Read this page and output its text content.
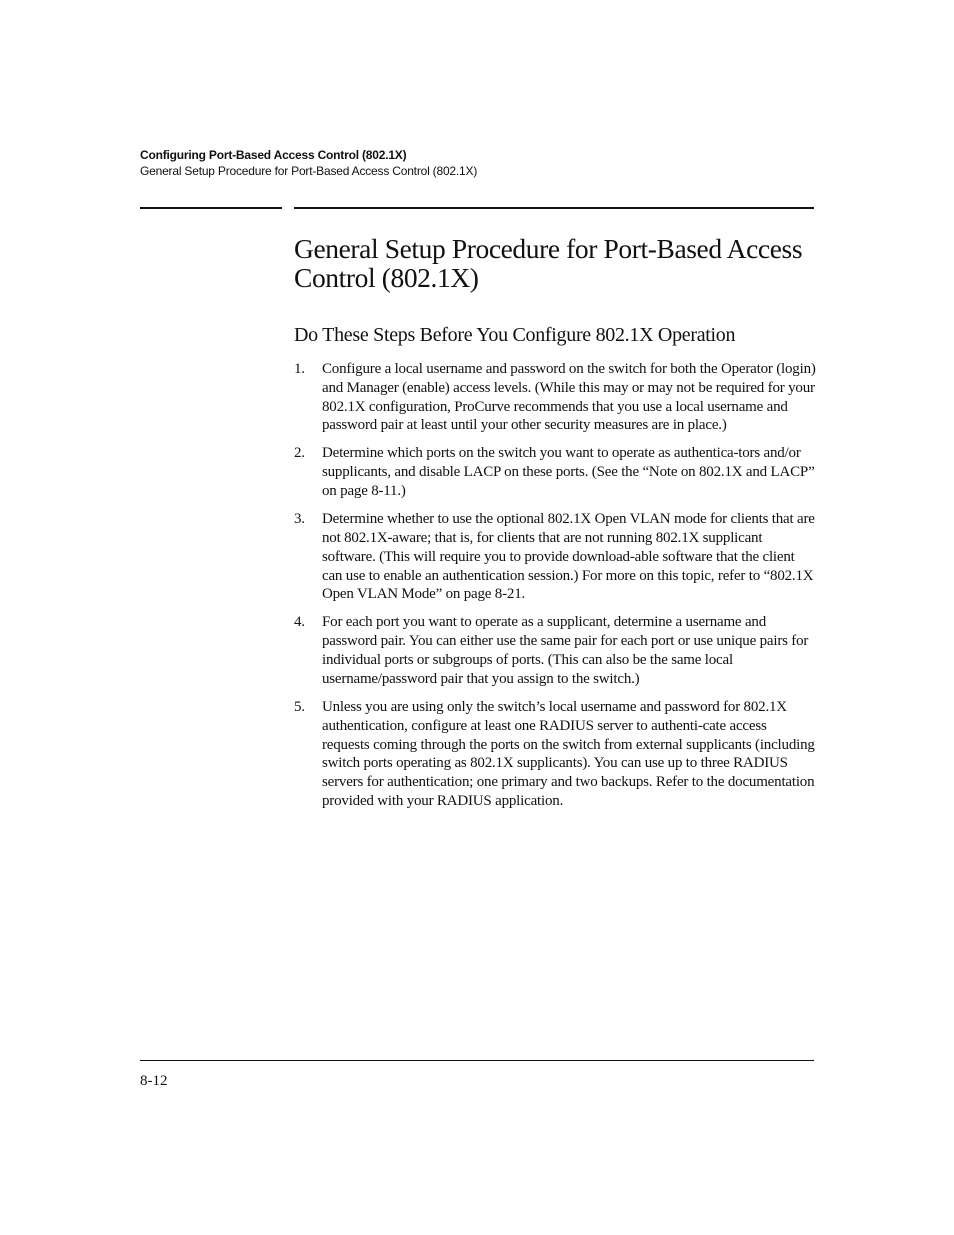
Configuring Port-Based Access Control (802.1X)
General Setup Procedure for Port-Based Access Control (802.1X)
General Setup Procedure for Port-Based Access Control (802.1X)
Do These Steps Before You Configure 802.1X Operation
1. Configure a local username and password on the switch for both the Operator (login) and Manager (enable) access levels. (While this may or may not be required for your 802.1X configuration, ProCurve recommends that you use a local username and password pair at least until your other security measures are in place.)
2. Determine which ports on the switch you want to operate as authentica-tors and/or supplicants, and disable LACP on these ports. (See the “Note on 802.1X and LACP” on page 8-11.)
3. Determine whether to use the optional 802.1X Open VLAN mode for clients that are not 802.1X-aware; that is, for clients that are not running 802.1X supplicant software. (This will require you to provide download-able software that the client can use to enable an authentication session.) For more on this topic, refer to “802.1X Open VLAN Mode” on page 8-21.
4. For each port you want to operate as a supplicant, determine a username and password pair. You can either use the same pair for each port or use unique pairs for individual ports or subgroups of ports. (This can also be the same local username/password pair that you assign to the switch.)
5. Unless you are using only the switch’s local username and password for 802.1X authentication, configure at least one RADIUS server to authenti-cate access requests coming through the ports on the switch from external supplicants (including switch ports operating as 802.1X supplicants). You can use up to three RADIUS servers for authentication; one primary and two backups. Refer to the documentation provided with your RADIUS application.
8-12
